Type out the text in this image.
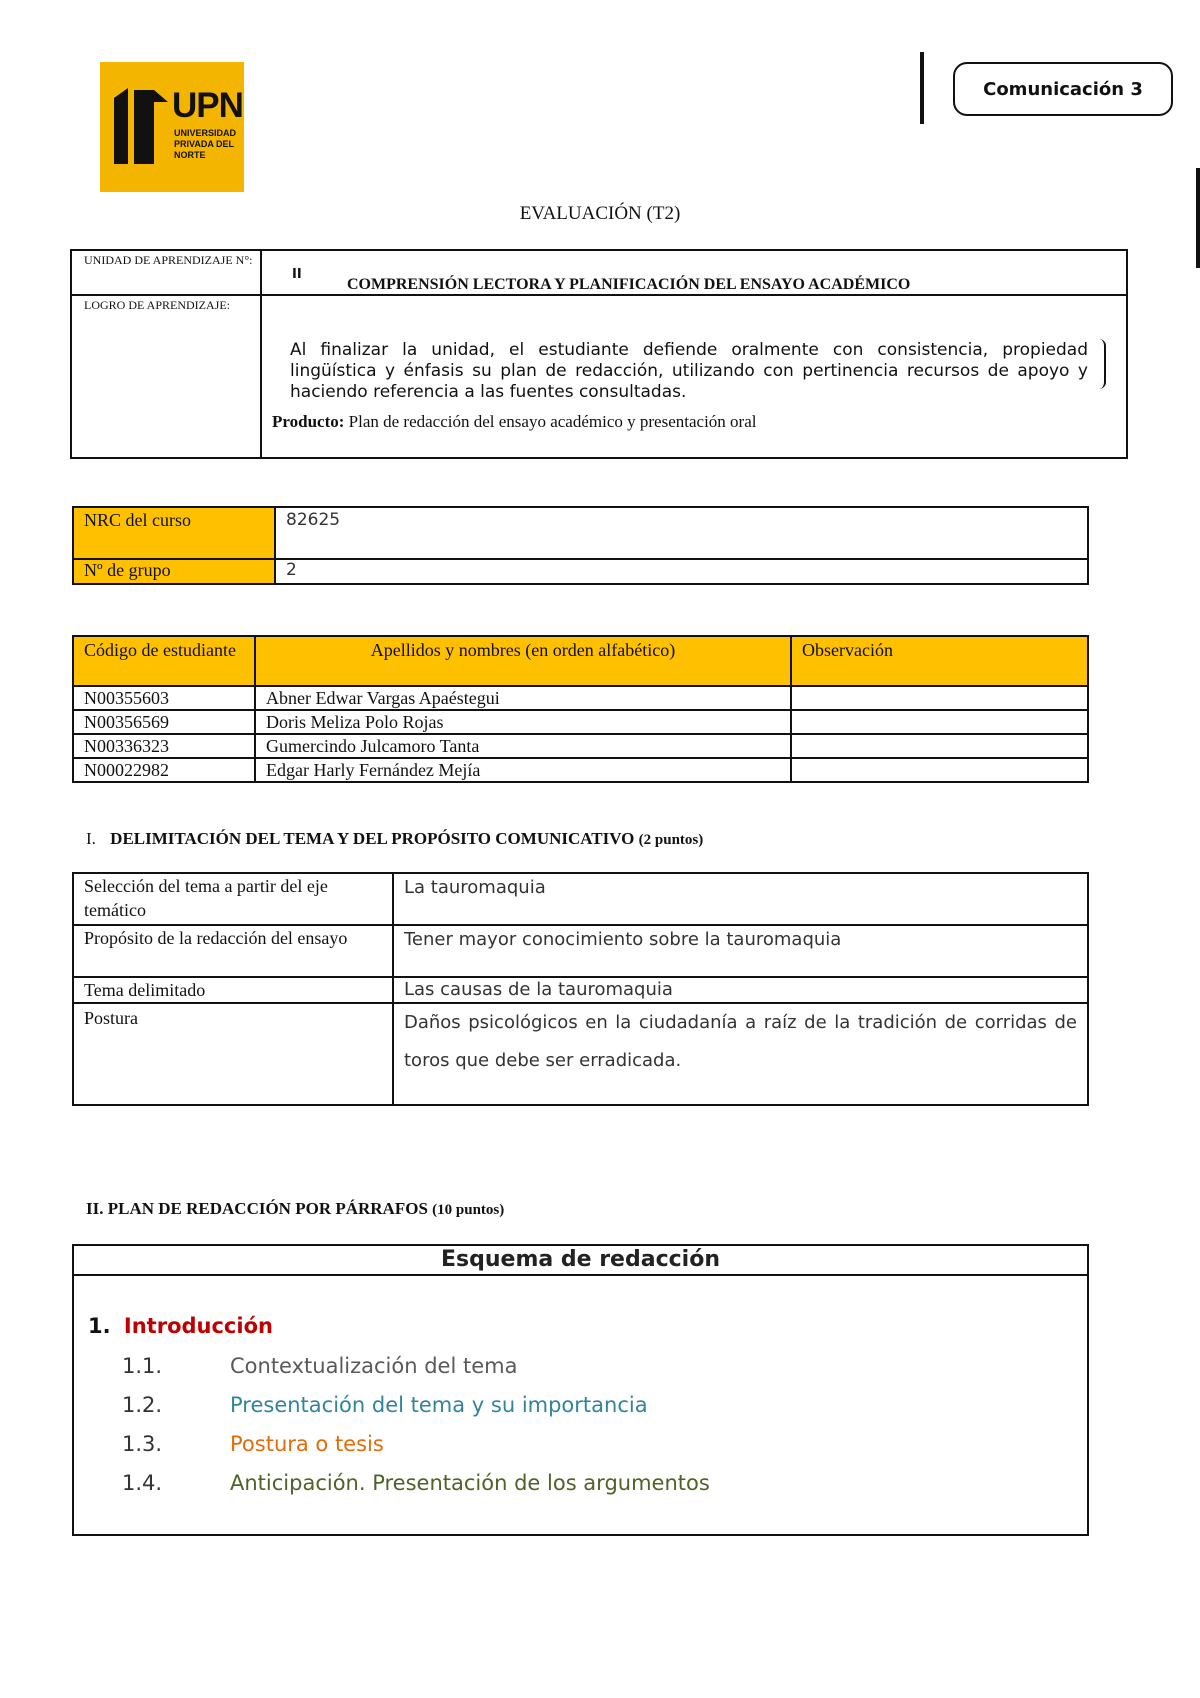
UPN
UNIVERSIDAD PRIVADA DEL NORTE
Comunicación 3
EVALUACIÓN (T2)
UNIDAD DE APRENDIZAJE N°:
II
COMPRENSIÓN LECTORA Y PLANIFICACIÓN DEL ENSAYO ACADÉMICO
LOGRO DE APRENDIZAJE:
Al finalizar la unidad, el estudiante defiende oralmente con consistencia, propiedad lingüística y énfasis su plan de redacción, utilizando con pertinencia recursos de apoyo y haciendo referencia a las fuentes consultadas.
Producto: Plan de redacción del ensayo académico y presentación oral
NRC del curso	82625
Nº de grupo	2
Código de estudiante	Apellidos y nombres (en orden alfabético)	Observación
N00355603	Abner Edwar Vargas Apaéstegui	
N00356569	Doris Meliza Polo Rojas	
N00336323	Gumercindo Julcamoro Tanta	
N00022982	Edgar Harly Fernández Mejía	
I. DELIMITACIÓN DEL TEMA Y DEL PROPÓSITO COMUNICATIVO (2 puntos)
Selección del tema a partir del eje temático	La tauromaquia
Propósito de la redacción del ensayo	Tener mayor conocimiento sobre la tauromaquia
Tema delimitado	Las causas de la tauromaquia
Postura	Daños psicológicos en la ciudadanía a raíz de la tradición de corridas de toros que debe ser erradicada.
II. PLAN DE REDACCIÓN POR PÁRRAFOS (10 puntos)
Esquema de redacción
1. Introducción
1.1.	Contextualización del tema
1.2.	Presentación del tema y su importancia
1.3.	Postura o tesis
1.4.	Anticipación. Presentación de los argumentos
